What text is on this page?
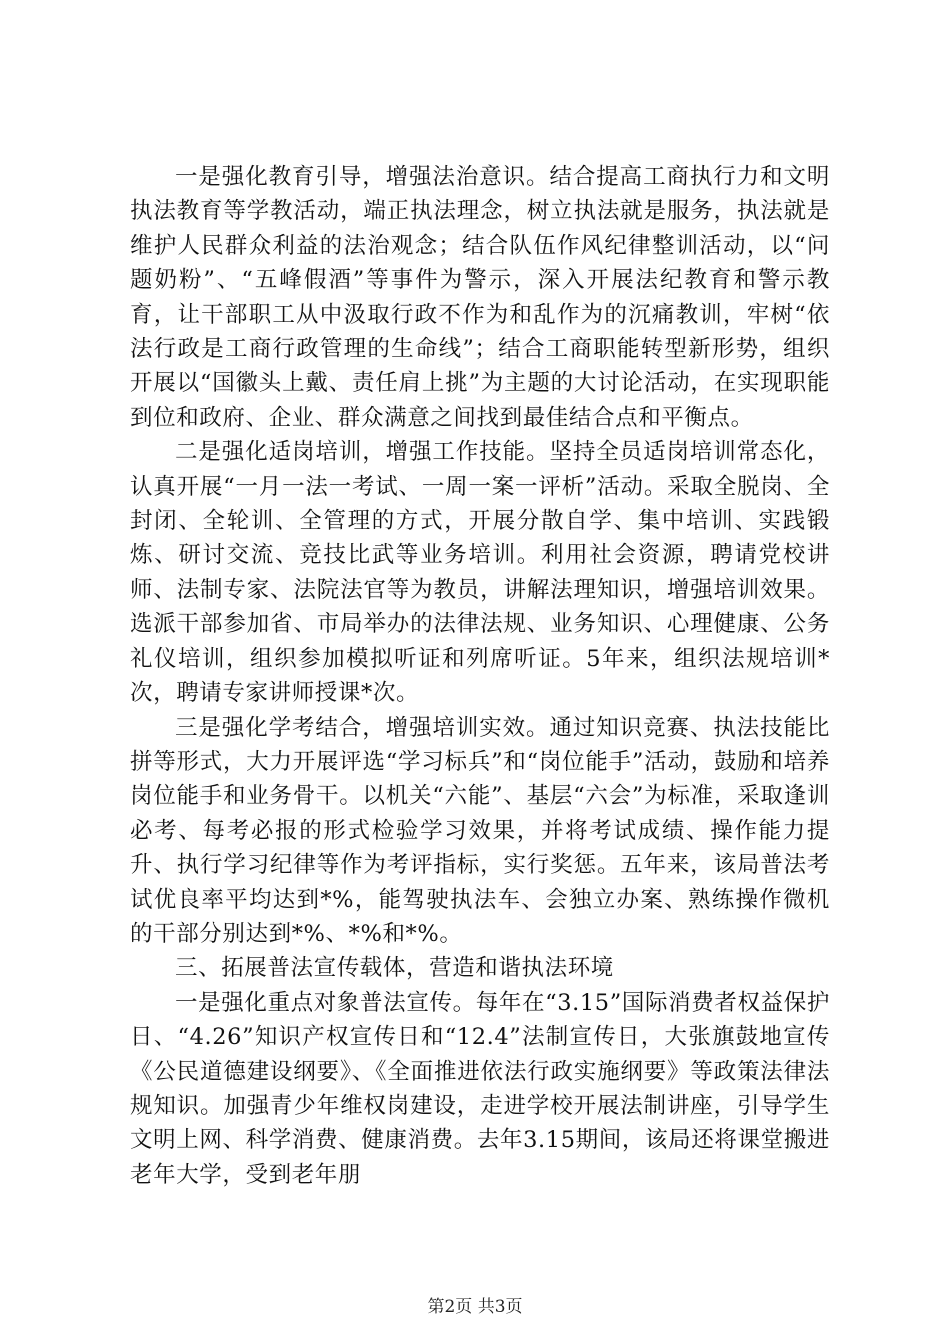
一是强化教育引导，增强法治意识。结合提高工商执行力和文明执法教育等学教活动，端正执法理念，树立执法就是服务，执法就是维护人民群众利益的法治观念；结合队伍作风纪律整训活动，以“问题奶粉”、“五峰假酒”等事件为警示，深入开展法纪教育和警示教育，让干部职工从中汲取行政不作为和乱作为的沉痛教训，牢树“依法行政是工商行政管理的生命线”；结合工商职能转型新形势，组织开展以“国徽头上戴、责任肩上挑”为主题的大讨论活动，在实现职能到位和政府、企业、群众满意之间找到最佳结合点和平衡点。

二是强化适岗培训，增强工作技能。坚持全员适岗培训常态化，认真开展“一月一法一考试、一周一案一评析”活动。采取全脱岗、全封闭、全轮训、全管理的方式，开展分散自学、集中培训、实践锻炼、研讨交流、竞技比武等业务培训。利用社会资源，聘请党校讲师、法制专家、法院法官等为教员，讲解法理知识，增强培训效果。选派干部参加省、市局举办的法律法规、业务知识、心理健康、公务礼仪培训，组织参加模拟听证和列席听证。5年来，组织法规培训*次，聘请专家讲师授课*次。

三是强化学考结合，增强培训实效。通过知识竞赛、执法技能比拼等形式，大力开展评选“学习标兵”和“岗位能手”活动，鼓励和培养岗位能手和业务骨干。以机关“六能”、基层“六会”为标准，采取逢训必考、每考必报的形式检验学习效果，并将考试成绩、操作能力提升、执行学习纪律等作为考评指标，实行奖惩。五年来，该局普法考试优良率平均达到*%，能驾驶执法车、会独立办案、熟练操作微机的干部分别达到*%、*%和*%。

三、拓展普法宣传载体，营造和谐执法环境

一是强化重点对象普法宣传。每年在“3.15”国际消费者权益保护日、“4.26”知识产权宣传日和“12.4”法制宣传日，大张旗鼓地宣传《公民道德建设纲要》、《全面推进依法行政实施纲要》等政策法律法规知识。加强青少年维权岗建设，走进学校开展法制讲座，引导学生文明上网、科学消费、健康消费。去年3.15期间，该局还将课堂搬进老年大学，受到老年朋

第2页 共3页
